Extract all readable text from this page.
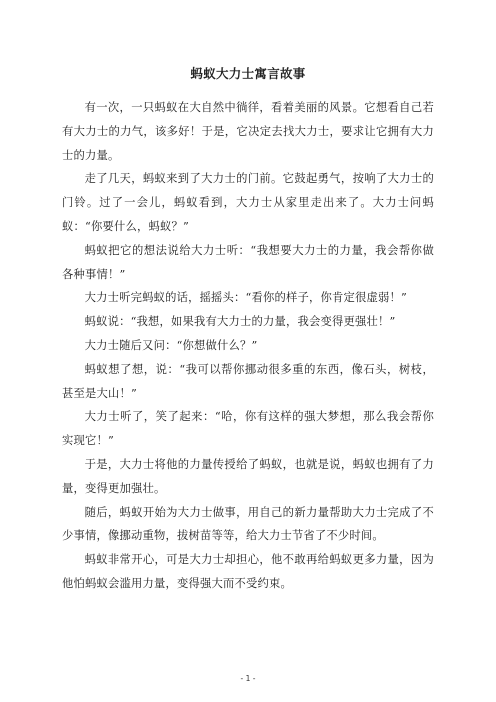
蚂蚁大力士寓言故事

有一次，一只蚂蚁在大自然中徜徉，看着美丽的风景。它想看自己若有大力士的力气，该多好！于是，它决定去找大力士，要求让它拥有大力士的力量。

走了几天，蚂蚁来到了大力士的门前。它鼓起勇气，按响了大力士的门铃。过了一会儿，蚂蚁看到，大力士从家里走出来了。大力士问蚂蚁：“你要什么，蚂蚁？”

蚂蚁把它的想法说给大力士听：“我想要大力士的力量，我会帮你做各种事情！”

大力士听完蚂蚁的话，摇摇头：“看你的样子，你肯定很虚弱！”

蚂蚁说：“我想，如果我有大力士的力量，我会变得更强壮！”

大力士随后又问：“你想做什么？”

蚂蚁想了想，说：“我可以帮你挪动很多重的东西，像石头，树枝，甚至是大山！”

大力士听了，笑了起来：“哈，你有这样的强大梦想，那么我会帮你实现它！”

于是，大力士将他的力量传授给了蚂蚁，也就是说，蚂蚁也拥有了力量，变得更加强壮。

随后，蚂蚁开始为大力士做事，用自己的新力量帮助大力士完成了不少事情，像挪动重物，拔树苗等等，给大力士节省了不少时间。

蚂蚁非常开心，可是大力士却担心，他不敢再给蚂蚁更多力量，因为他怕蚂蚁会滥用力量，变得强大而不受约束。

- 1 -
